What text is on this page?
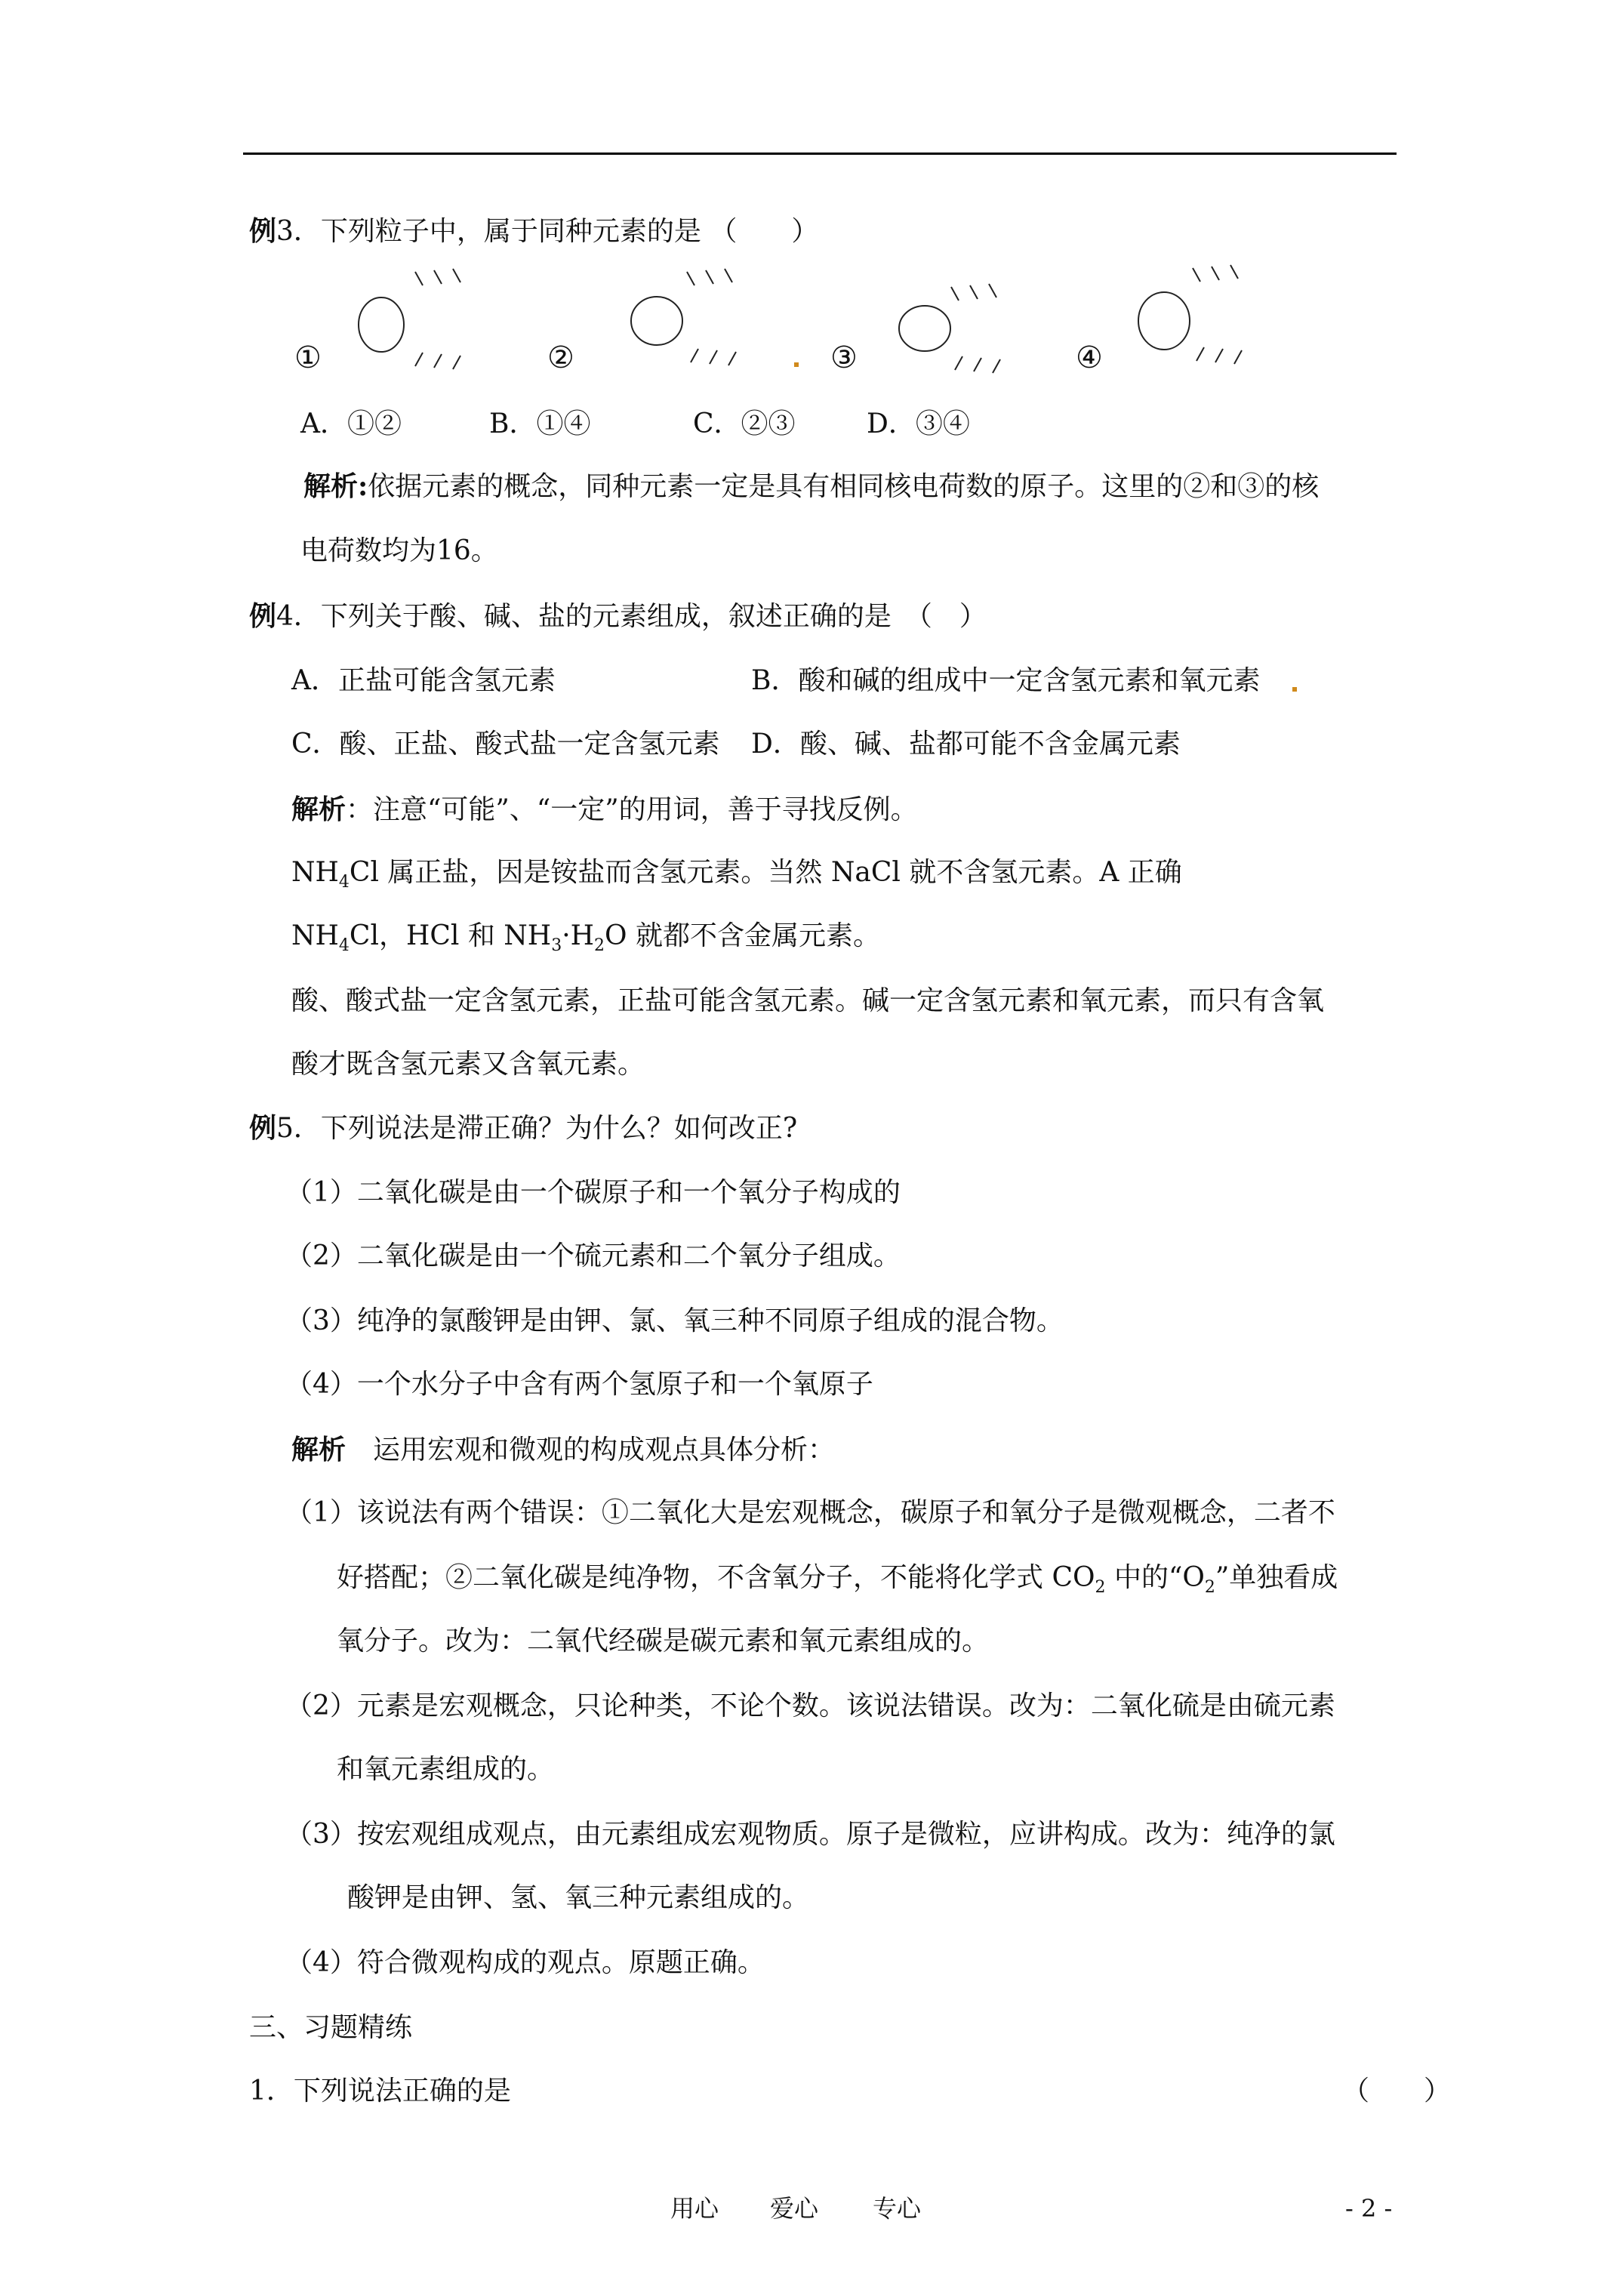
例3．下列粒子中，属于同种元素的是 （　　）
①	②	③	④
A．①②	B．①④	C．②③	D．③④
解析:依据元素的概念，同种元素一定是具有相同核电荷数的原子。这里的②和③的核
电荷数均为16。
例4．下列关于酸、碱、盐的元素组成，叙述正确的是　（　）
A．正盐可能含氢元素	B．酸和碱的组成中一定含氢元素和氧元素
C．酸、正盐、酸式盐一定含氢元素 D．酸、碱、盐都可能不含金属元素
解析：注意“可能”、“一定”的用词，善于寻找反例。
$NH_4Cl$ 属正盐，因是铵盐而含氢元素。当然 NaCl 就不含氢元素。A 正确
$NH_4Cl$，HCl 和 $NH_3\cdot H_2O$ 就都不含金属元素。
酸、酸式盐一定含氢元素，正盐可能含氢元素。碱一定含氢元素和氧元素，而只有含氧
酸才既含氢元素又含氧元素。
例5．下列说法是滞正确？为什么？如何改正?
（1）二氧化碳是由一个碳原子和一个氧分子构成的
（2）二氧化碳是由一个硫元素和二个氧分子组成。
（3）纯净的氯酸钾是由钾、氯、氧三种不同原子组成的混合物。
（4）一个水分子中含有两个氢原子和一个氧原子
解析　运用宏观和微观的构成观点具体分析：
（1）该说法有两个错误：①二氧化大是宏观概念，碳原子和氧分子是微观概念，二者不
好搭配；②二氧化碳是纯净物，不含氧分子，不能将化学式 $CO_2$ 中的“$O_2$”单独看成
氧分子。改为：二氧代经碳是碳元素和氧元素组成的。
（2）元素是宏观概念，只论种类，不论个数。该说法错误。改为：二氧化硫是由硫元素
和氧元素组成的。
（3）按宏观组成观点，由元素组成宏观物质。原子是微粒，应讲构成。改为：纯净的氯
酸钾是由钾、氢、氧三种元素组成的。
（4）符合微观构成的观点。原题正确。
三、习题精练
1．下列说法正确的是	（　　）
用心 爱心 专心	- 2 -
